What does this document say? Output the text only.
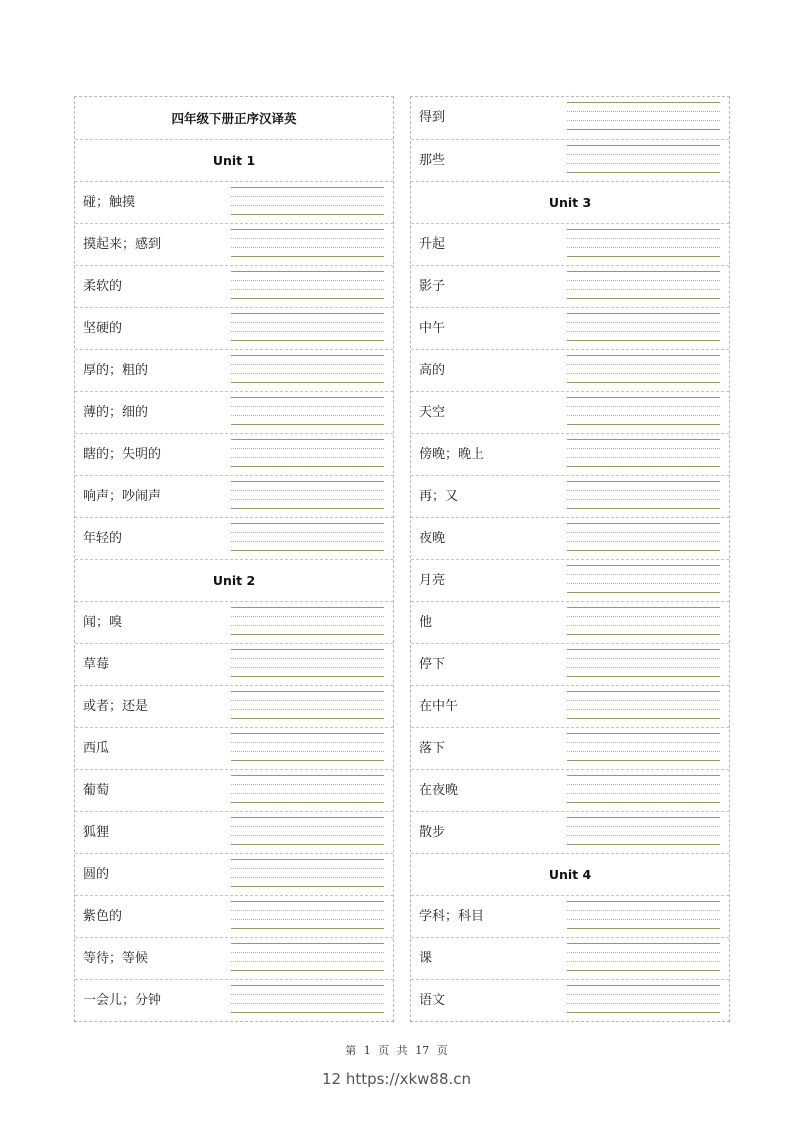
四年级下册正序汉译英
Unit 1
碰；触摸
摸起来；感到
柔软的
坚硬的
厚的；粗的
薄的；细的
瞎的；失明的
响声；吵闹声
年轻的
Unit 2
闻；嗅
草莓
或者；还是
西瓜
葡萄
狐狸
圆的
紫色的
等待；等候
一会儿；分钟
得到
那些
Unit 3
升起
影子
中午
高的
天空
傍晚；晚上
再；又
夜晚
月亮
他
停下
在中午
落下
在夜晚
散步
Unit 4
学科；科目
课
语文
第 1 页 共 17 页
12 https://xkw88.cn
